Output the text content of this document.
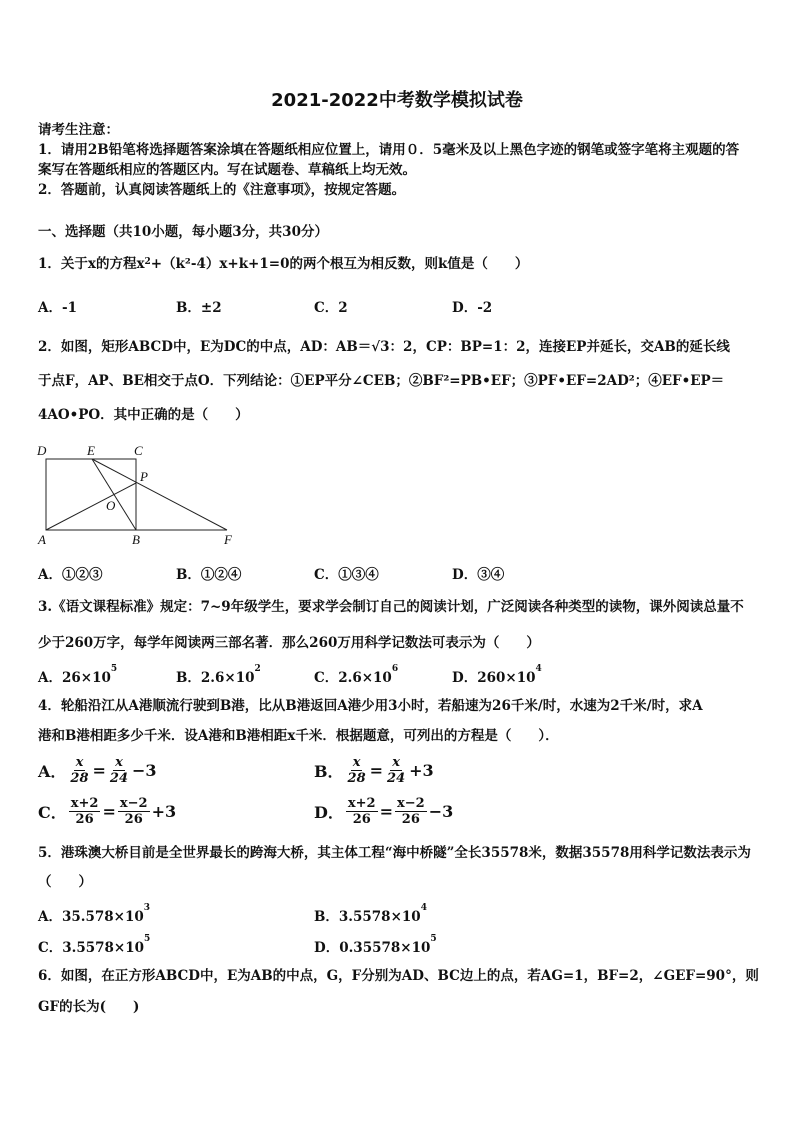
2021-2022中考数学模拟试卷
请考生注意：
1．请用2B铅笔将选择题答案涂填在答题纸相应位置上，请用０．5毫米及以上黑色字迹的钢笔或签字笔将主观题的答
案写在答题纸相应的答题区内。写在试题卷、草稿纸上均无效。
2．答题前，认真阅读答题纸上的《注意事项》，按规定答题。
一、选择题（共10小题，每小题3分，共30分）
1．关于x的方程$x^2+(k^2-4)x+k+1=0$的两个根互为相反数，则k值是（　　）
A．-1	B．±2	C．2	D．-2
2．如图，矩形ABCD中，E为DC的中点，AD：AB＝√3：2，CP：BP=1：2，连接EP并延长，交AB的延长线
于点F，AP、BE相交于点O．下列结论：①EP平分∠CEB；②BF²=PB•EF；③PF•EF=2AD²；④EF•EP＝
4AO•PO．其中正确的是（　　）
D	E	C
P
O
A	B	F
A．①②③	B．①②④	C．①③④	D．③④
3.《语文课程标准》规定：7~9年级学生，要求学会制订自己的阅读计划，广泛阅读各种类型的读物，课外阅读总量不
少于260万字，每学年阅读两三部名著．那么260万用科学记数法可表示为（　　）
A．$26\times 10^5$
B．$2.6\times 10^2$
C．$2.6\times 10^6$
D．$260\times 10^4$
4．轮船沿江从A港顺流行驶到B港，比从B港返回A港少用3小时，若船速为26千米/时，水速为2千米/时，求A
港和B港相距多少千米．设A港和B港相距x千米．根据题意，可列出的方程是（　　）．
A． $\frac{x}{28} = \frac{x}{24} -3$	B． $\frac{x}{28} = \frac{x}{24} +3$
C． $\frac{x+2}{26} = \frac{x-2}{26} +3$	D． $\frac{x+2}{26} = \frac{x-2}{26} -3$
5．港珠澳大桥目前是全世界最长的跨海大桥，其主体工程“海中桥隧”全长35578米，数据35578用科学记数法表示为
（　　）
A．$35.578\times 10^3$
B．$3.5578\times 10^4$
C．$3.5578\times 10^5$
D．$0.35578\times 10^5$
6．如图，在正方形ABCD中，E为AB的中点，G，F分别为AD、BC边上的点，若AG=1，BF=2，∠GEF=90°，则
GF的长为(　　)
